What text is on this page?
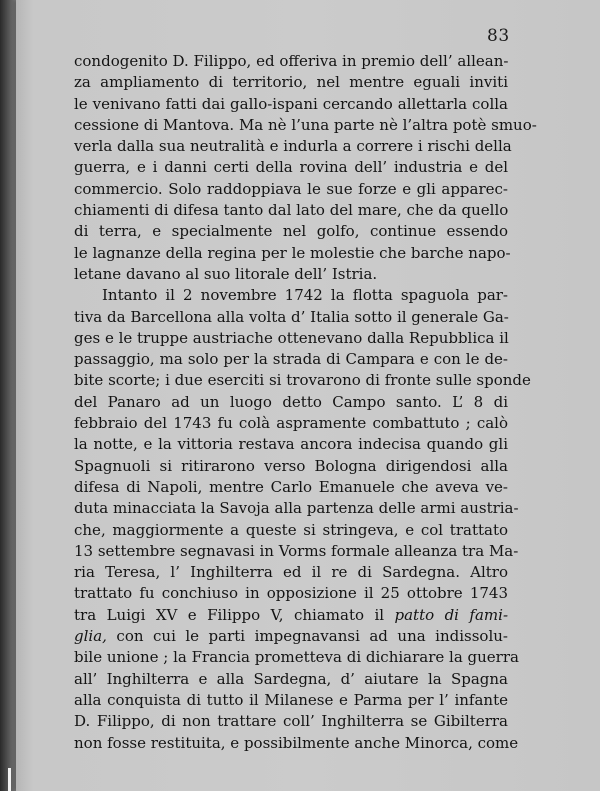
83
condogenito D. Filippo, ed offeriva in premio dell’ allean-
za ampliamento di territorio, nel mentre eguali inviti
le venivano fatti dai gallo-ispani cercando allettarla colla
cessione di Mantova. Ma nè l’una parte nè l’altra potè smuo-
verla dalla sua neutralità e indurla a correre i rischi della
guerra, e i danni certi della rovina dell’ industria e del
commercio. Solo raddoppiava le sue forze e gli apparec-
chiamenti di difesa tanto dal lato del mare, che da quello
di terra, e specialmente nel golfo, continue essendo
le lagnanze della regina per le molestie che barche napo-
letane davano al suo litorale dell’ Istria.
Intanto il 2 novembre 1742 la flotta spaguola par-
tiva da Barcellona alla volta d’ Italia sotto il generale Ga-
ges e le truppe austriache ottenevano dalla Repubblica il
passaggio, ma solo per la strada di Campara e con le de-
bite scorte; i due eserciti si trovarono di fronte sulle sponde
del Panaro ad un luogo detto Campo santo. L’ 8 di
febbraio del 1743 fu colà aspramente combattuto ; calò
la notte, e la vittoria restava ancora indecisa quando gli
Spagnuoli si ritirarono verso Bologna dirigendosi alla
difesa di Napoli, mentre Carlo Emanuele che aveva ve-
duta minacciata la Savoja alla partenza delle armi austria-
che, maggiormente a queste si stringeva, e col trattato
13 settembre segnavasi in Vorms formale alleanza tra Ma-
ria Teresa, l’ Inghilterra ed il re di Sardegna. Altro
trattato fu conchiuso in opposizione il 25 ottobre 1743
tra Luigi XV e Filippo V, chiamato il patto di fami-
glia, con cui le parti impegnavansi ad una indissolu-
bile unione ; la Francia prometteva di dichiarare la guerra
all’ Inghilterra e alla Sardegna, d’ aiutare la Spagna
alla conquista di tutto il Milanese e Parma per l’ infante
D. Filippo, di non trattare coll’ Inghilterra se Gibilterra
non fosse restituita, e possibilmente anche Minorca, come
